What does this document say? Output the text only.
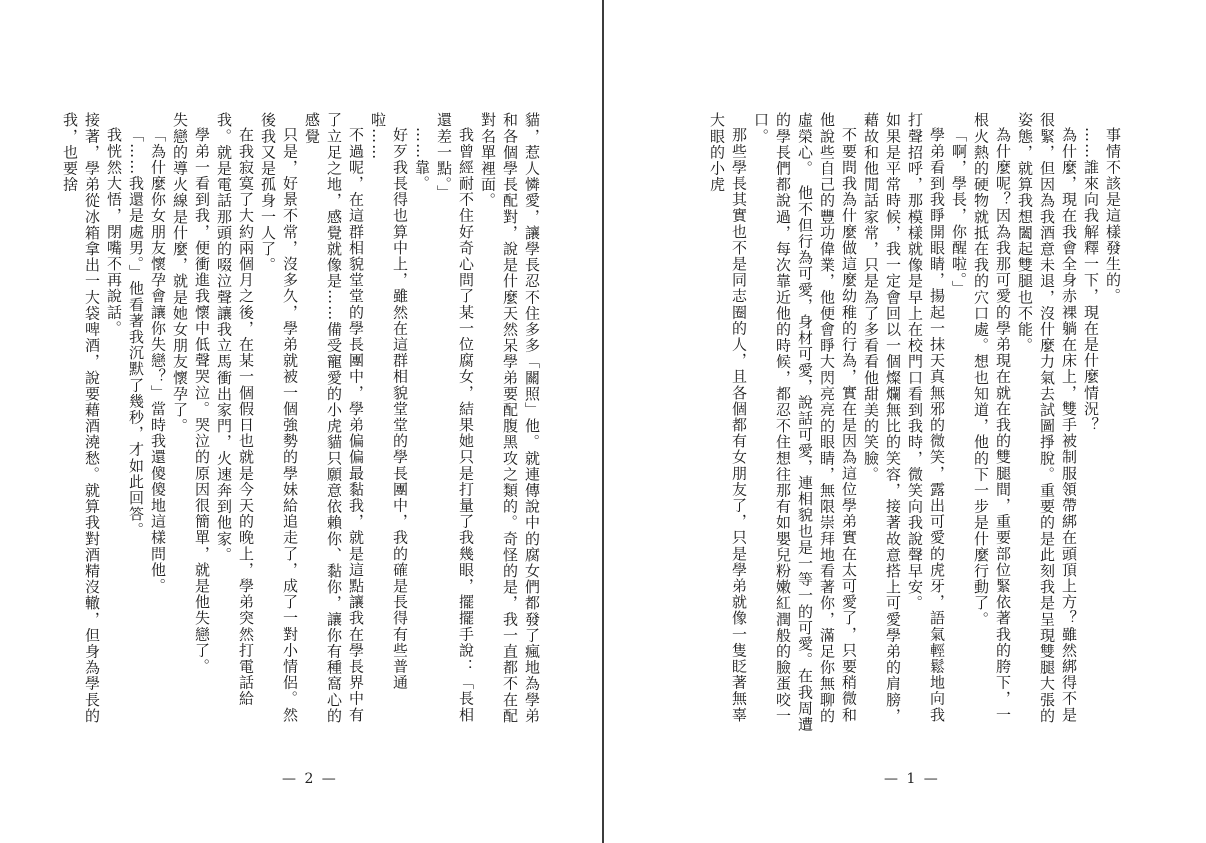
貓，惹人憐愛，讓學長忍不住多多「關照」他。就連傳說中的腐女們都發了瘋地為學弟和各個學長配對，說是什麼天然呆學弟要配腹黑攻之類的。奇怪的是，我一直都不在配對名單裡面。

我曾經耐不住好奇心問了某一位腐女，結果她只是打量了我幾眼，擺擺手說：「長相還差一點。」

……靠。

好歹我長得也算中上，雖然在這群相貌堂堂的學長團中，我的確是長得有些普通啦……

不過呢，在這群相貌堂堂的學長團中，學弟偏偏最黏我，就是這點讓我在學長界中有了立足之地，感覺就像是……備受寵愛的小虎貓只願意依賴你、黏你，讓你有種窩心的感覺

只是，好景不常，沒多久，學弟就被一個強勢的學妹給追走了，成了一對小情侶。然後我又是孤身一人了。

在我寂寞了大約兩個月之後，在某一個假日也就是今天的晚上，學弟突然打電話給我。就是電話那頭的啜泣聲讓我立馬衝出家門，火速奔到他家。

學弟一看到我，便衝進我懷中低聲哭泣。哭泣的原因很簡單，就是他失戀了。

失戀的導火線是什麼，就是她女朋友懷孕了。

「為什麼你女朋友懷孕會讓你失戀？」當時我還傻傻地這樣問他。

「……我還是處男。」他看著我沉默了幾秒，才如此回答。

我恍然大悟，閉嘴不再說話。

接著，學弟從冰箱拿出一大袋啤酒，說要藉酒澆愁。就算我對酒精沒轍，但身為學長的我，也要捨

— 2 —

事情不該是這樣發生的。

……誰來向我解釋一下，現在是什麼情況？

為什麼，現在我會全身赤裸躺在床上，雙手被制服領帶綁在頭頂上方？雖然綁得不是很緊，但因為我酒意未退，沒什麼力氣去試圖掙脫。重要的是此刻我是呈現雙腿大張的姿態，就算我想闔起雙腿也不能。

為什麼呢？因為我那可愛的學弟現在就在我的雙腿間，重要部位緊依著我的胯下，一根火熱的硬物就抵在我的穴口處。想也知道，他的下一步是什麼行動了。

「啊，學長，你醒啦。」

學弟看到我睜開眼睛，揚起一抹天真無邪的微笑，露出可愛的虎牙，語氣輕鬆地向我打聲招呼，那模樣就像是早上在校門口看到我時，微笑向我說聲早安。

如果是平常時候，我一定會回以一個燦爛無比的笑容，接著故意搭上可愛學弟的肩膀，藉故和他閒話家常，只是為了多看看他甜美的笑臉。

不要問我為什麼做這麼幼稚的行為，實在是因為這位學弟實在太可愛了，只要稍微和他說些自己的豐功偉業，他便會睜大閃亮亮的眼睛，無限崇拜地看著你，滿足你無聊的虛榮心。　他不但行為可愛，身材可愛，說話可愛，連相貌也是一等一的可愛。在我周遭的學長們都說過，每次靠近他的時候，都忍不住想往那有如嬰兒粉嫩紅潤般的臉蛋咬一口。

那些學長其實也不是同志圈的人，且各個都有女朋友了，只是學弟就像一隻眨著無辜大眼的小虎

— 1 —
